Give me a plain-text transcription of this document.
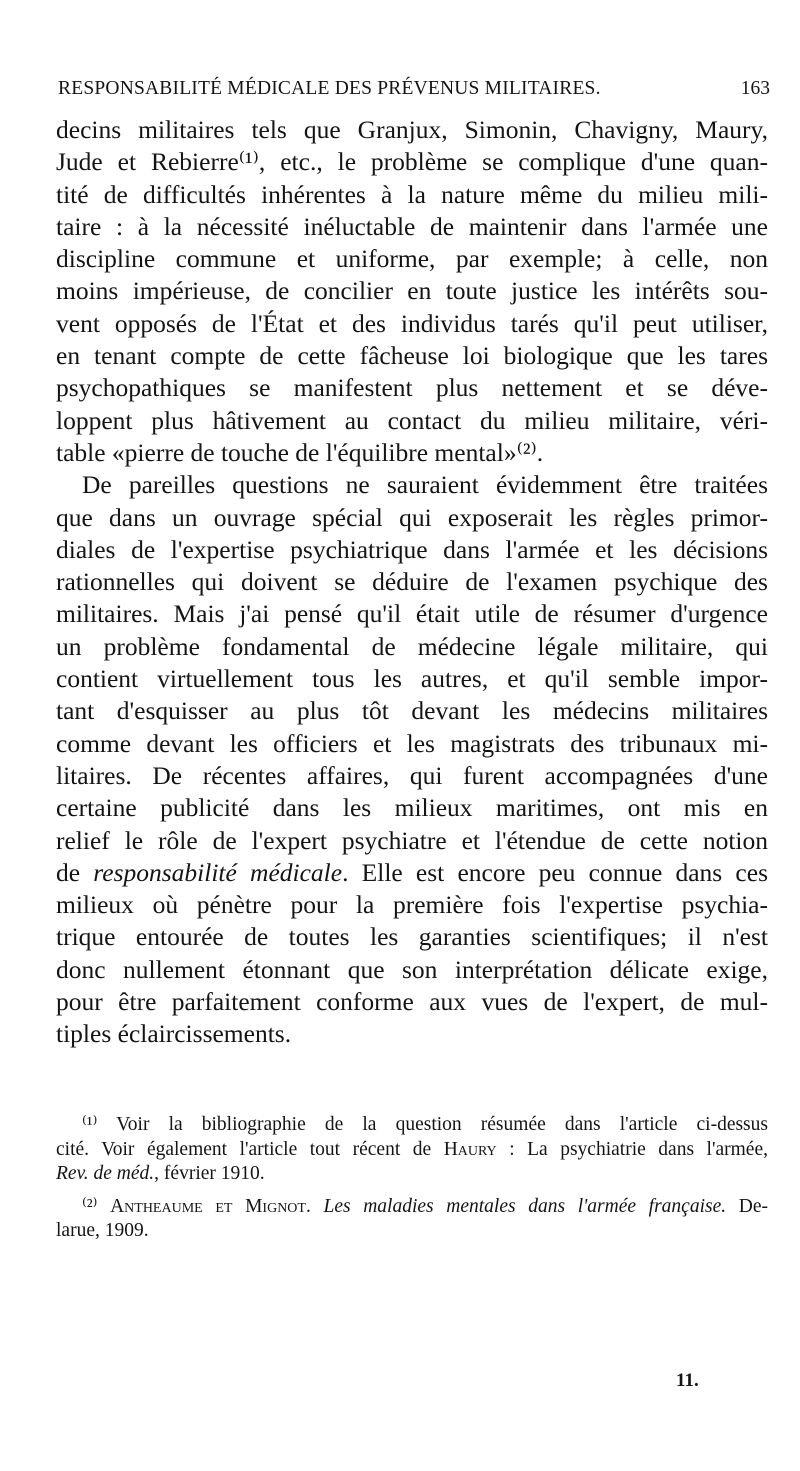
RESPONSABILITÉ MÉDICALE DES PRÉVENUS MILITAIRES.	163
decins militaires tels que Granjux, Simonin, Chavigny, Maury,
Jude et Rebierre⁽¹⁾, etc., le problème se complique d'une quan-
tité de difficultés inhérentes à la nature même du milieu mili-
taire : à la nécessité inéluctable de maintenir dans l'armée une
discipline commune et uniforme, par exemple; à celle, non
moins impérieuse, de concilier en toute justice les intérêts sou-
vent opposés de l'État et des individus tarés qu'il peut utiliser,
en tenant compte de cette fâcheuse loi biologique que les tares
psychopathiques se manifestent plus nettement et se déve-
loppent plus hâtivement au contact du milieu militaire, véri-
table «pierre de touche de l'équilibre mental»⁽²⁾.
De pareilles questions ne sauraient évidemment être traitées
que dans un ouvrage spécial qui exposerait les règles primor-
diales de l'expertise psychiatrique dans l'armée et les décisions
rationnelles qui doivent se déduire de l'examen psychique des
militaires. Mais j'ai pensé qu'il était utile de résumer d'urgence
un problème fondamental de médecine légale militaire, qui
contient virtuellement tous les autres, et qu'il semble impor-
tant d'esquisser au plus tôt devant les médecins militaires
comme devant les officiers et les magistrats des tribunaux mi-
litaires. De récentes affaires, qui furent accompagnées d'une
certaine publicité dans les milieux maritimes, ont mis en
relief le rôle de l'expert psychiatre et l'étendue de cette notion
de responsabilité médicale. Elle est encore peu connue dans ces
milieux où pénètre pour la première fois l'expertise psychia-
trique entourée de toutes les garanties scientifiques; il n'est
donc nullement étonnant que son interprétation délicate exige,
pour être parfaitement conforme aux vues de l'expert, de mul-
tiples éclaircissements.
⁽¹⁾ Voir la bibliographie de la question résumée dans l'article ci-dessus
cité. Voir également l'article tout récent de Haury : La psychiatrie dans l'armée,
Rev. de méd., février 1910.
⁽²⁾ Antheaume et Mignot. Les maladies mentales dans l'armée française. De-
larue, 1909.
11.
